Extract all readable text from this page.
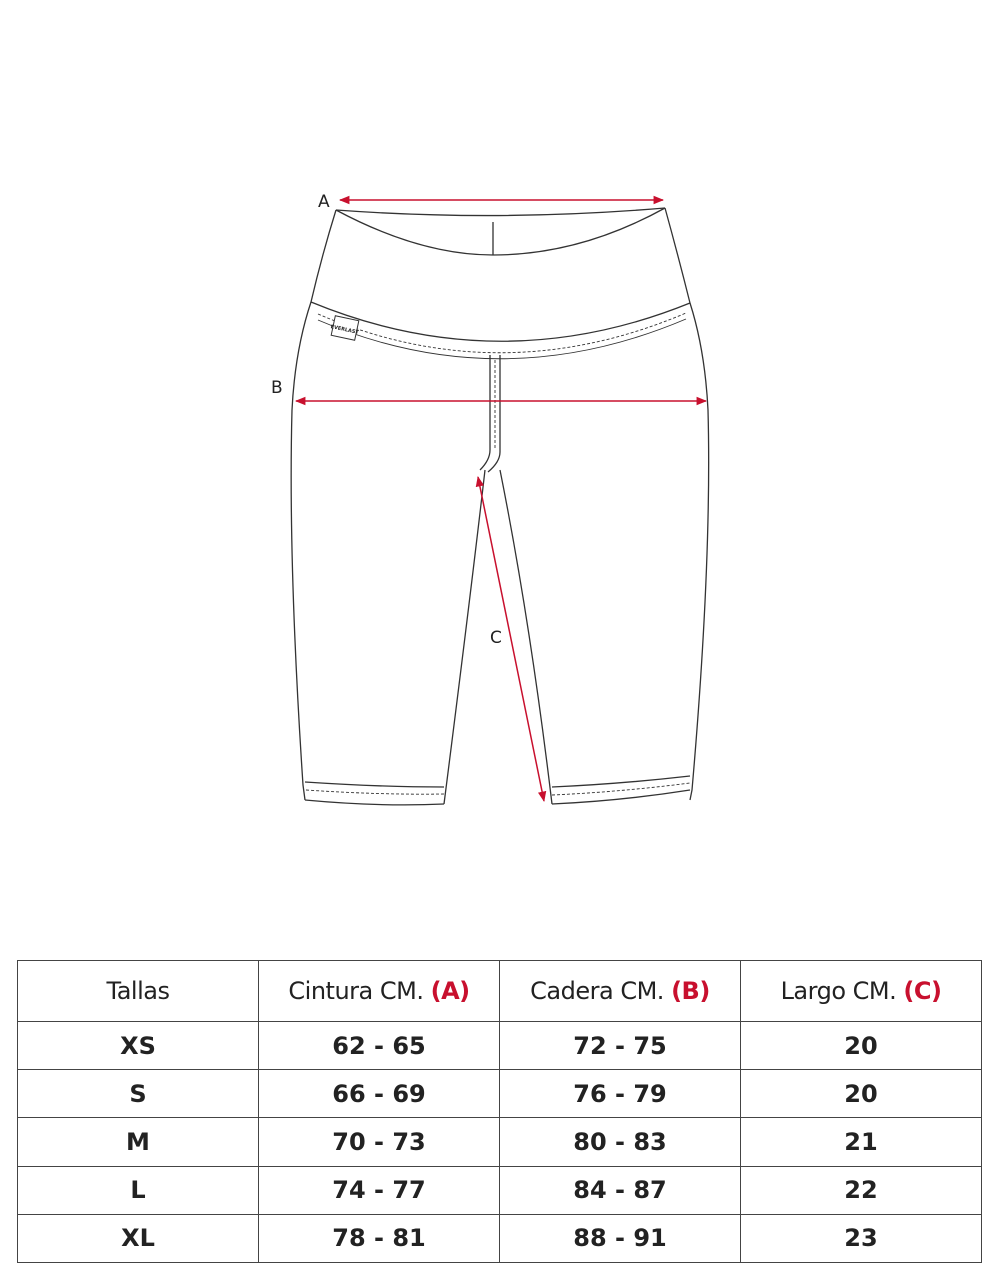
EVERLAST
A
B
C
Tallas	Cintura CM. (A)	Cadera CM. (B)	Largo CM. (C)
XS	62 - 65	72 - 75	20
S	66 - 69	76 - 79	20
M	70 - 73	80 - 83	21
L	74 - 77	84 - 87	22
XL	78 - 81	88 - 91	23
